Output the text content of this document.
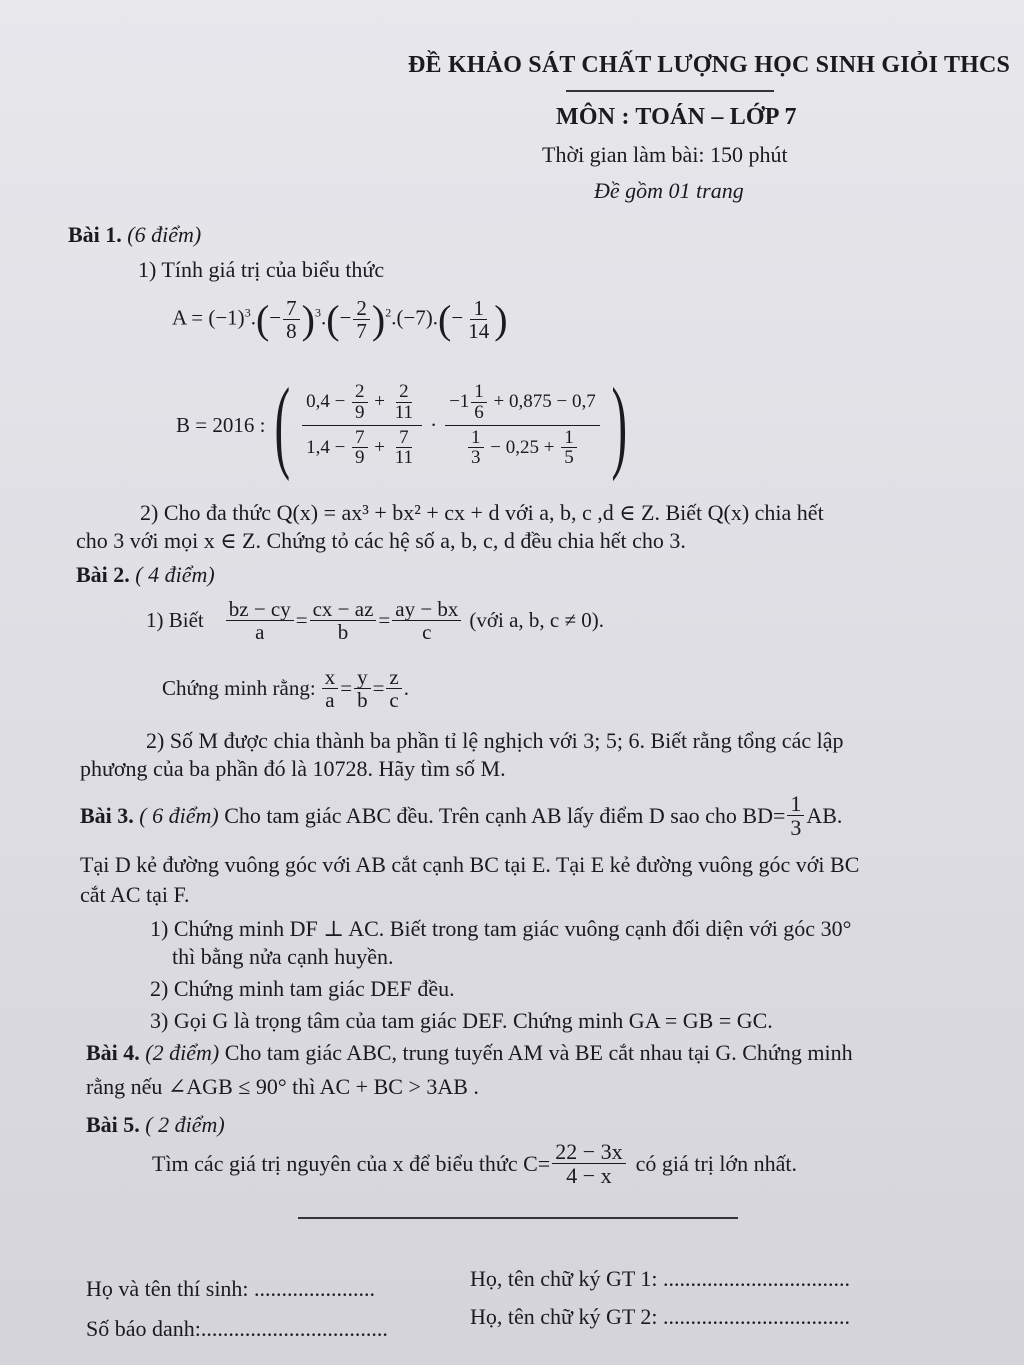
ĐỀ KHẢO SÁT CHẤT LƯỢNG HỌC SINH GIỎI THCS
MÔN : TOÁN – LỚP 7
Thời gian làm bài: 150 phút
Đề gồm 01 trang
Bài 1. (6 điểm)
1) Tính giá trị của biểu thức
$A = (-1)^3.(- \frac{7}{8} )^3.(- \frac{2}{7} )^2.(-7).(- \frac{1}{14}$ )
B = 2016 : ( $\frac{0,4 - \frac{2}{9} + \frac{2}{11}}{1,4 - \frac{7}{9} + \frac{7}{11}} \cdot \frac{-1 \frac{1}{6} + 0,875 - 0,7}{\frac{1}{3} - 0,25 + \frac{1}{5}}$ )
2) Cho đa thức Q(x) = ax³ + bx² + cx + d với a, b, c ,d ∈ Z. Biết Q(x) chia hết
cho 3 với mọi x ∈ Z. Chứng tỏ các hệ số a, b, c, d đều chia hết cho 3.
Bài 2. ( 4 điểm)
1) Biết $\frac{bz - cy}{a} = \frac{cx - az}{b} = \frac{ay - bx}{c}$ (với a, b, c ≠ 0).
Chứng minh rằng: $\frac{x}{a} = \frac{y}{b} = \frac{z}{c}$ .
2) Số M được chia thành ba phần tỉ lệ nghịch với 3; 5; 6. Biết rằng tổng các lập
phương của ba phần đó là 10728. Hãy tìm số M.
Bài 3.
( 6 điểm)
Cho tam giác ABC đều. Trên cạnh AB lấy điểm D sao cho $BD= \frac{1}{3}$ AB.
Tại D kẻ đường vuông góc với AB cắt cạnh BC tại E. Tại E kẻ đường vuông góc với BC
cắt AC tại F.
1) Chứng minh DF ⊥ AC. Biết trong tam giác vuông cạnh đối diện với góc 30°
thì bằng nửa cạnh huyền.
2) Chứng minh tam giác DEF đều.
3) Gọi G là trọng tâm của tam giác DEF. Chứng minh GA = GB = GC.
Bài 4. (2 điểm) Cho tam giác ABC, trung tuyến AM và BE cắt nhau tại G. Chứng minh
rằng nếu ∠AGB ≤ 90° thì AC + BC > 3AB .
Bài 5. ( 2 điểm)
Tìm các giá trị nguyên của x để biểu thức $C= \frac{22 - 3x}{4 - x}$ có giá trị lớn nhất.
Họ và tên thí sinh: ......................
Số báo danh:..................................
Họ, tên chữ ký GT 1: ..................................
Họ, tên chữ ký GT 2: ..................................
